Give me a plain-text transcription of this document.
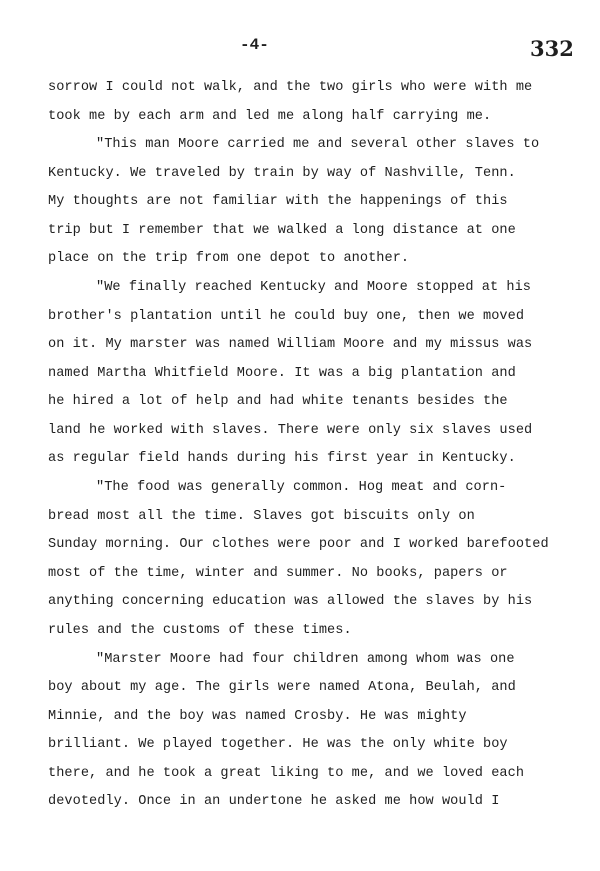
-4-	332
sorrow I could not walk, and the two girls who were with me
took me by each arm and led me along half carrying me.
"This man Moore carried me and several other slaves to
Kentucky. We traveled by train by way of Nashville, Tenn.
My thoughts are not familiar with the happenings of this
trip but I remember that we walked a long distance at one
place on the trip from one depot to another.
"We finally reached Kentucky and Moore stopped at his
brother's plantation until he could buy one, then we moved
on it. My marster was named William Moore and my missus was
named Martha Whitfield Moore. It was a big plantation and
he hired a lot of help and had white tenants besides the
land he worked with slaves. There were only six slaves used
as regular field hands during his first year in Kentucky.
"The food was generally common. Hog meat and corn-
bread most all the time. Slaves got biscuits only on
Sunday morning. Our clothes were poor and I worked barefooted
most of the time, winter and summer. No books, papers or
anything concerning education was allowed the slaves by his
rules and the customs of these times.
"Marster Moore had four children among whom was one
boy about my age. The girls were named Atona, Beulah, and
Minnie, and the boy was named Crosby. He was mighty
brilliant. We played together. He was the only white boy
there, and he took a great liking to me, and we loved each
devotedly. Once in an undertone he asked me how would I
